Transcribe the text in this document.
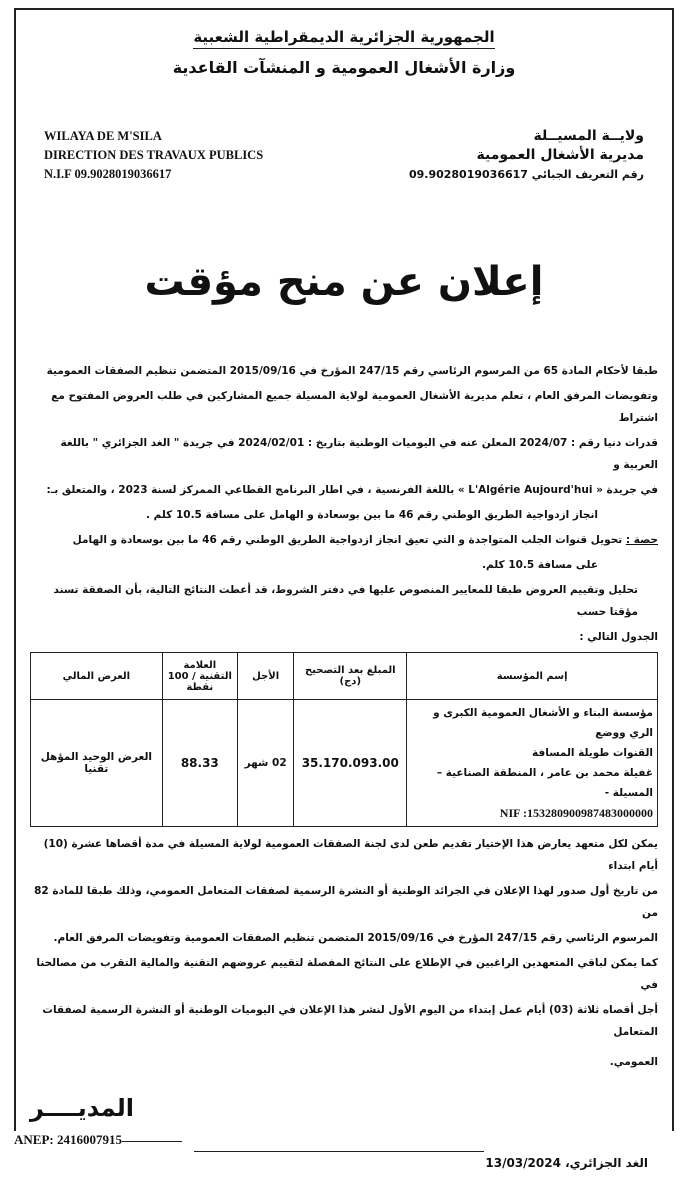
الجمهورية الجزائرية الديمقراطية الشعبية
وزارة الأشغال العمومية و المنشآت القاعدية
WILAYA DE M'SILA
DIRECTION DES TRAVAUX PUBLICS
N.I.F 09.9028019036617
ولايــة المسيــلة
مديرية الأشغال العمومية
رقم التعريف الجبائي 09.9028019036617
إعلان عن منح مؤقت
طبقا لأحكام المادة 65 من المرسوم الرئاسي رقم 247/15 المؤرخ في 2015/09/16 المتضمن تنظيم الصفقات العمومية
وتفويضات المرفق العام ، تعلم مديرية الأشغال العمومية لولاية المسيلة جميع المشاركين في طلب العروض المفتوح مع اشتراط
قدرات دنيا رقم : 2024/07 المعلن عنه في اليوميات الوطنية بتاريخ : 2024/02/01 في جريدة " الغد الجزائري " باللغة العربية و
في جريدة « L'Algérie Aujourd'hui » باللغة الفرنسية ، في اطار البرنامج القطاعي الممركز لسنة 2023 ، والمتعلق بـ:
انجاز ازدواجية الطريق الوطني رقم 46 ما بين بوسعادة و الهامل على مسافة 10.5 كلم .
حصة : تحويل قنوات الجلب المتواجدة و التي تعيق انجاز ازدواجية الطريق الوطني رقم 46 ما بين بوسعادة و الهامل
على مسافة 10.5 كلم.
تحليل وتقييم العروض طبقا للمعايير المنصوص عليها في دفتر الشروط، قد أعطت النتائج التالية، بأن الصفقة تسند مؤقتا حسب
الجدول التالي :
إسم المؤسسة	المبلغ بعد التصحيح (دج)	الأجل	العلامة التقنية / 100 نقطة	العرض المالي

مؤسسة البناء و الأشغال العمومية الكبرى و الري ووضع
القنوات طويلة المسافة
غفيلة محمد بن عامر ، المنطقة الصناعية – المسيلة -
NIF :153280900987483000000	35.170.093.00	02 شهر	88.33	العرض الوحيد المؤهل تقنيا
يمكن لكل متعهد يعارض هذا الإختيار تقديم طعن لدى لجنة الصفقات العمومية لولاية المسيلة في مدة أقصاها عشرة (10) أيام ابتداء
من تاريخ أول صدور لهذا الإعلان في الجرائد الوطنية أو النشرة الرسمية لصفقات المتعامل العمومي، وذلك طبقا للمادة 82 من
المرسوم الرئاسي رقم 247/15 المؤرخ في 2015/09/16 المتضمن تنظيم الصفقات العمومية وتفويضات المرفق العام.
كما يمكن لباقي المتعهدين الراغبين في الإطلاع على النتائج المفصلة لتقييم عروضهم التقنية والمالية التقرب من مصالحنا في
أجل أقصاه ثلاثة (03) أيام عمل إبتداء من اليوم الأول لنشر هذا الإعلان في اليوميات الوطنية أو النشرة الرسمية لصفقات المتعامل
العمومي.
المديــــر
ANEP: 2416007915
الغد الجزائري، 13/03/2024
